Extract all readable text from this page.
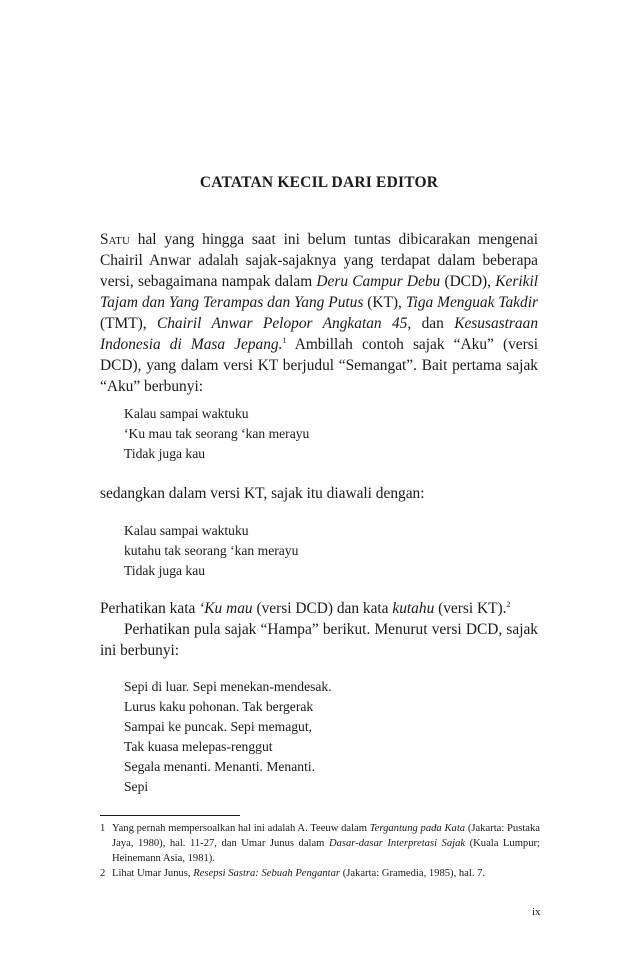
CATATAN KECIL DARI EDITOR

Satu hal yang hingga saat ini belum tuntas dibicarakan mengenai Chairil Anwar adalah sajak-sajaknya yang terdapat dalam beberapa versi, sebagaimana nampak dalam Deru Campur Debu (DCD), Kerikil Tajam dan Yang Terampas dan Yang Putus (KT), Tiga Menguak Takdir (TMT), Chairil Anwar Pelopor Angkatan 45, dan Kesusastraan Indonesia di Masa Jepang.$^1$ Ambillah contoh sajak “Aku” (versi DCD), yang dalam versi KT berjudul “Semangat”. Bait pertama sajak “Aku” berbunyi:

Kalau sampai waktuku
‘Ku mau tak seorang ‘kan merayu
Tidak juga kau

sedangkan dalam versi KT, sajak itu diawali dengan:

Kalau sampai waktuku
kutahu tak seorang ‘kan merayu
Tidak juga kau

Perhatikan kata ‘Ku mau (versi DCD) dan kata kutahu (versi KT).$^2$

Perhatikan pula sajak “Hampa” berikut. Menurut versi DCD, sajak ini berbunyi:

Sepi di luar. Sepi menekan-mendesak.
Lurus kaku pohonan. Tak bergerak
Sampai ke puncak. Sepi memagut,
Tak kuasa melepas-renggut
Segala menanti. Menanti. Menanti.
Sepi
1 Yang pernah mempersoalkan hal ini adalah A. Teeuw dalam Tergantung pada Kata (Jakarta: Pustaka Jaya, 1980), hal. 11-27, dan Umar Junus dalam Dasar-dasar Interpretasi Sajak (Kuala Lumpur; Heinemann Asia, 1981).
2 Lihat Umar Junus, Resepsi Sastra: Sebuah Pengantar (Jakarta: Gramedia, 1985), hal. 7.
ix
